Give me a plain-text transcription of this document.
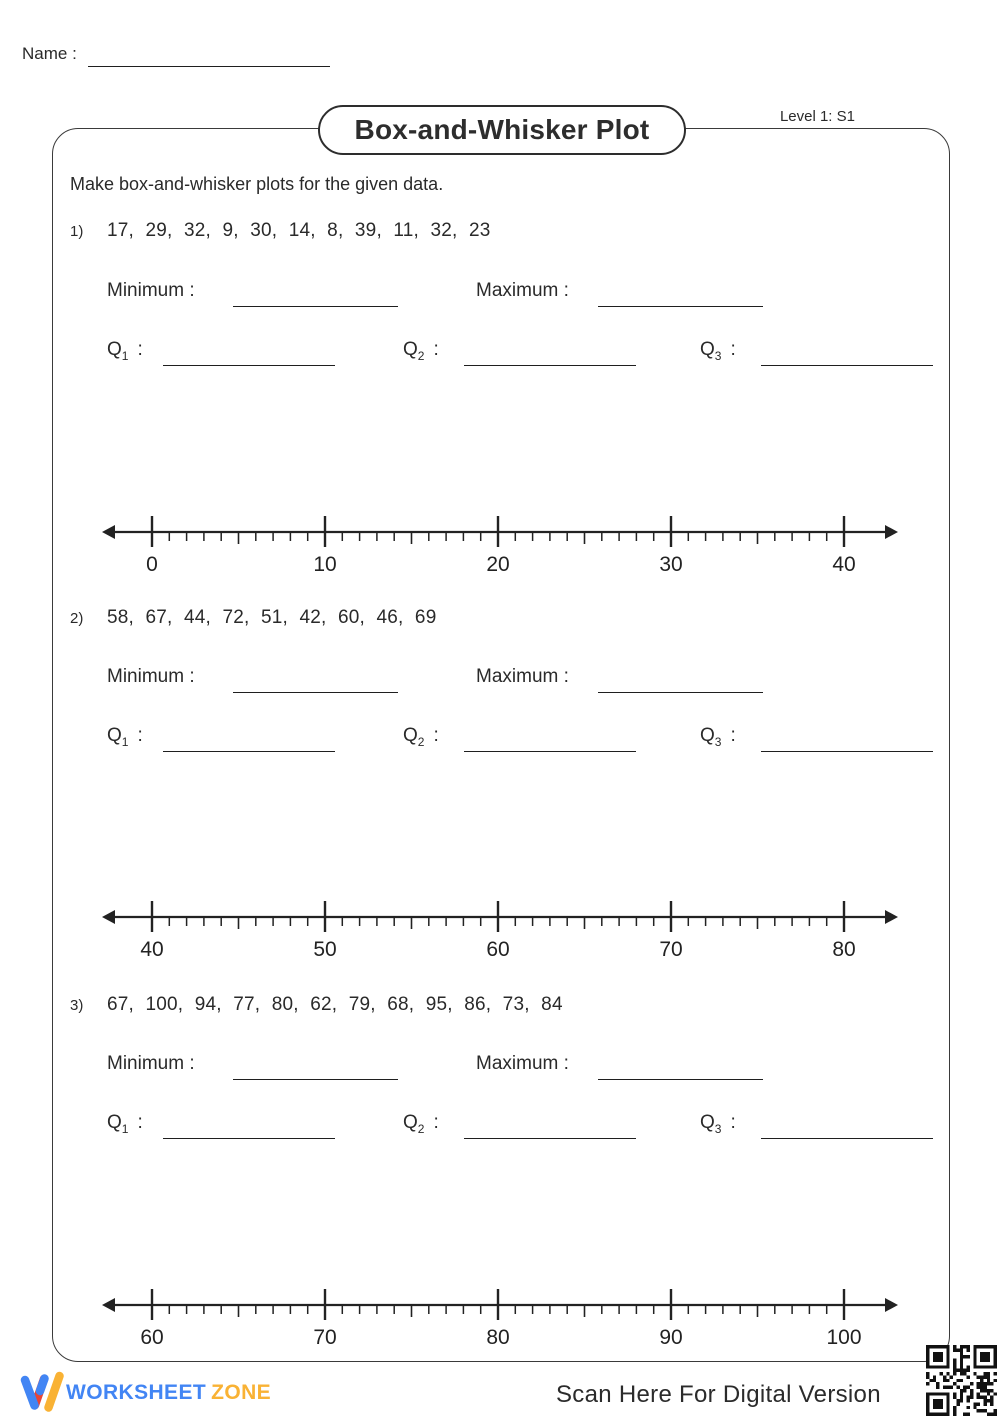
Name :
Level 1: S1
Box-and-Whisker Plot
Make box-and-whisker plots for the given data.
1) 17, 29, 32, 9, 30, 14, 8, 39, 11, 32, 23
Minimum :	Maximum :
$Q_1$ :	$Q_2$ :	$Q_3$ :
0	10	20	30	40
2) 58, 67, 44, 72, 51, 42, 60, 46, 69
Minimum :	Maximum :
$Q_1$ :	$Q_2$ :	$Q_3$ :
40	50	60	70	80
3) 67, 100, 94, 77, 80, 62, 79, 68, 95, 86, 73, 84
Minimum :	Maximum :
$Q_1$ :	$Q_2$ :	$Q_3$ :
60	70	80	90	100
WORKSHEET ZONE	Scan Here For Digital Version
